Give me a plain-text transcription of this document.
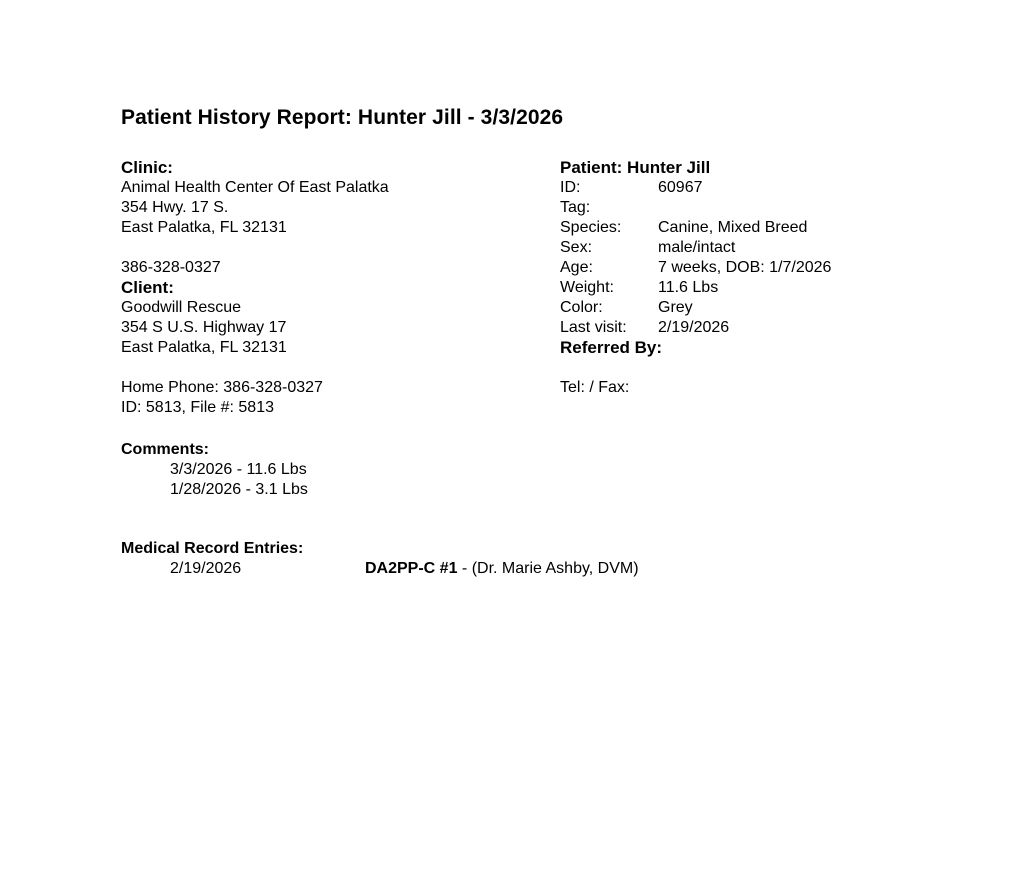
Patient History Report: Hunter Jill - 3/3/2026
Clinic:
Animal Health Center Of East Palatka
354 Hwy. 17 S.
East Palatka, FL 32131
386-328-0327
Client:
Goodwill Rescue
354 S U.S. Highway 17
East Palatka, FL 32131
Home Phone: 386-328-0327
ID: 5813, File #: 5813
Patient: Hunter Jill
ID:	60967
Tag:
Species:	Canine, Mixed Breed
Sex:	male/intact
Age:	7 weeks, DOB: 1/7/2026
Weight:	11.6 Lbs
Color:	Grey
Last visit:	2/19/2026
Referred By:
Tel: / Fax:
Comments:
3/3/2026 - 11.6 Lbs
1/28/2026 - 3.1 Lbs
Medical Record Entries:
2/19/2026	DA2PP-C #1 - (Dr. Marie Ashby, DVM)
